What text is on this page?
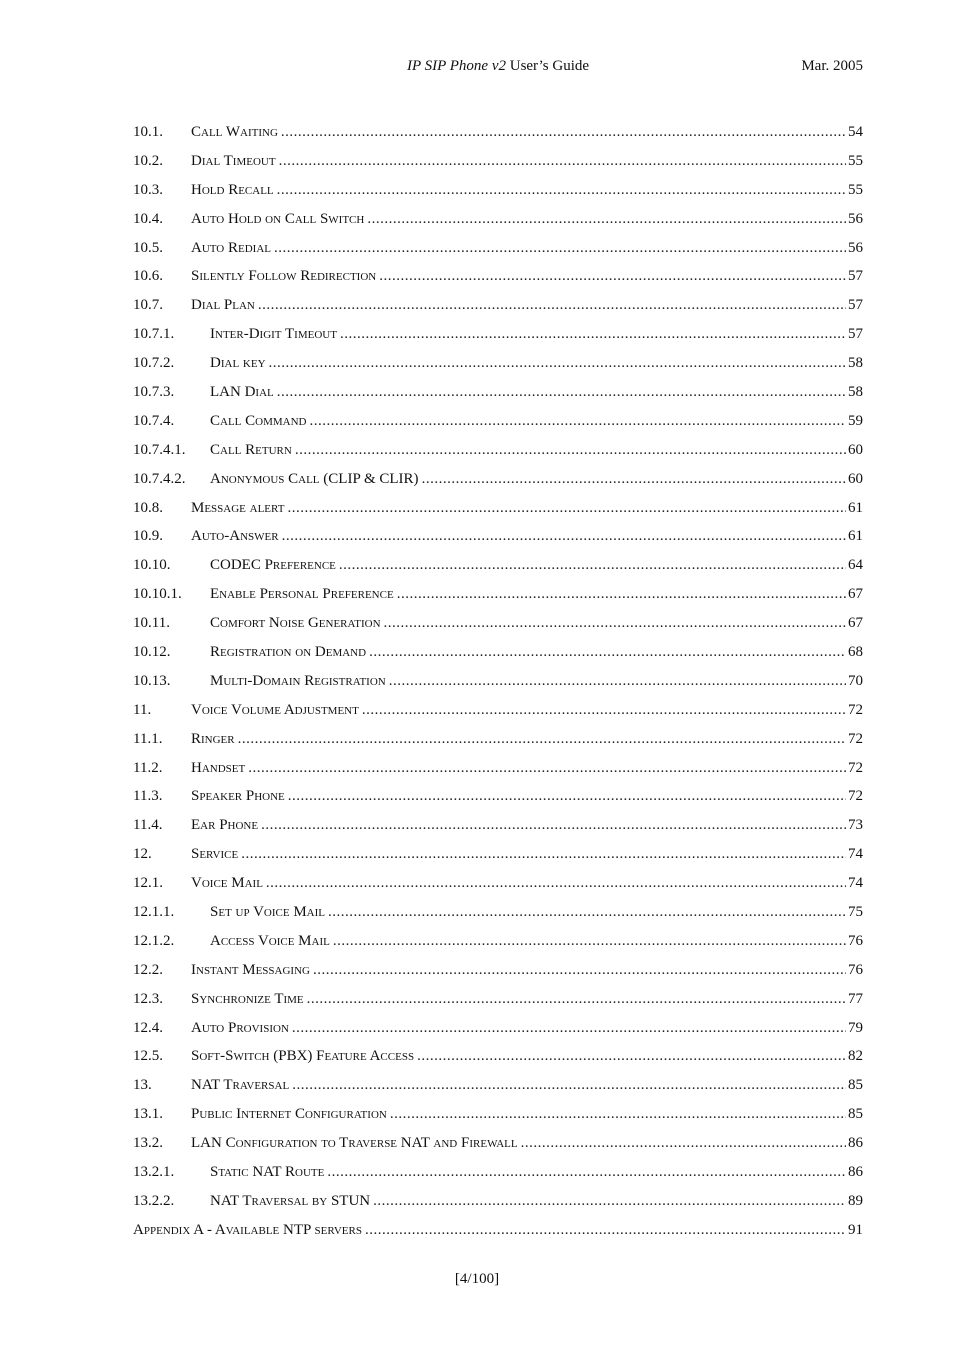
IP SIP Phone v2 User’s Guide	Mar. 2005
10.1.	Call Waiting .....	54
10.2.	Dial Timeout .....	55
10.3.	Hold Recall .....	55
10.4.	Auto Hold on Call Switch .....	56
10.5.	Auto Redial .....	56
10.6.	Silently Follow Redirection .....	57
10.7.	Dial Plan .....	57
10.7.1.	Inter-Digit Timeout .....	57
10.7.2.	Dial key .....	58
10.7.3.	LAN Dial .....	58
10.7.4.	Call Command .....	59
10.7.4.1.	Call Return .....	60
10.7.4.2.	Anonymous Call (CLIP & CLIR) .....	60
10.8.	Message alert .....	61
10.9.	Auto-Answer .....	61
10.10.	CODEC Preference .....	64
10.10.1.	Enable Personal Preference .....	67
10.11.	Comfort Noise Generation .....	67
10.12.	Registration on Demand .....	68
10.13.	Multi-Domain Registration .....	70
11.	Voice Volume Adjustment .....	72
11.1.	Ringer .....	72
11.2.	Handset .....	72
11.3.	Speaker Phone .....	72
11.4.	Ear Phone .....	73
12.	Service .....	74
12.1.	Voice Mail .....	74
12.1.1.	Set up Voice Mail .....	75
12.1.2.	Access Voice Mail .....	76
12.2.	Instant Messaging .....	76
12.3.	Synchronize Time .....	77
12.4.	Auto Provision .....	79
12.5.	Soft-Switch (PBX) Feature Access .....	82
13.	NAT Traversal .....	85
13.1.	Public Internet Configuration .....	85
13.2.	LAN Configuration to Traverse NAT and Firewall .....	86
13.2.1.	Static NAT Route .....	86
13.2.2.	NAT Traversal by STUN .....	89
Appendix A - Available NTP servers .....	91
[4/100]
